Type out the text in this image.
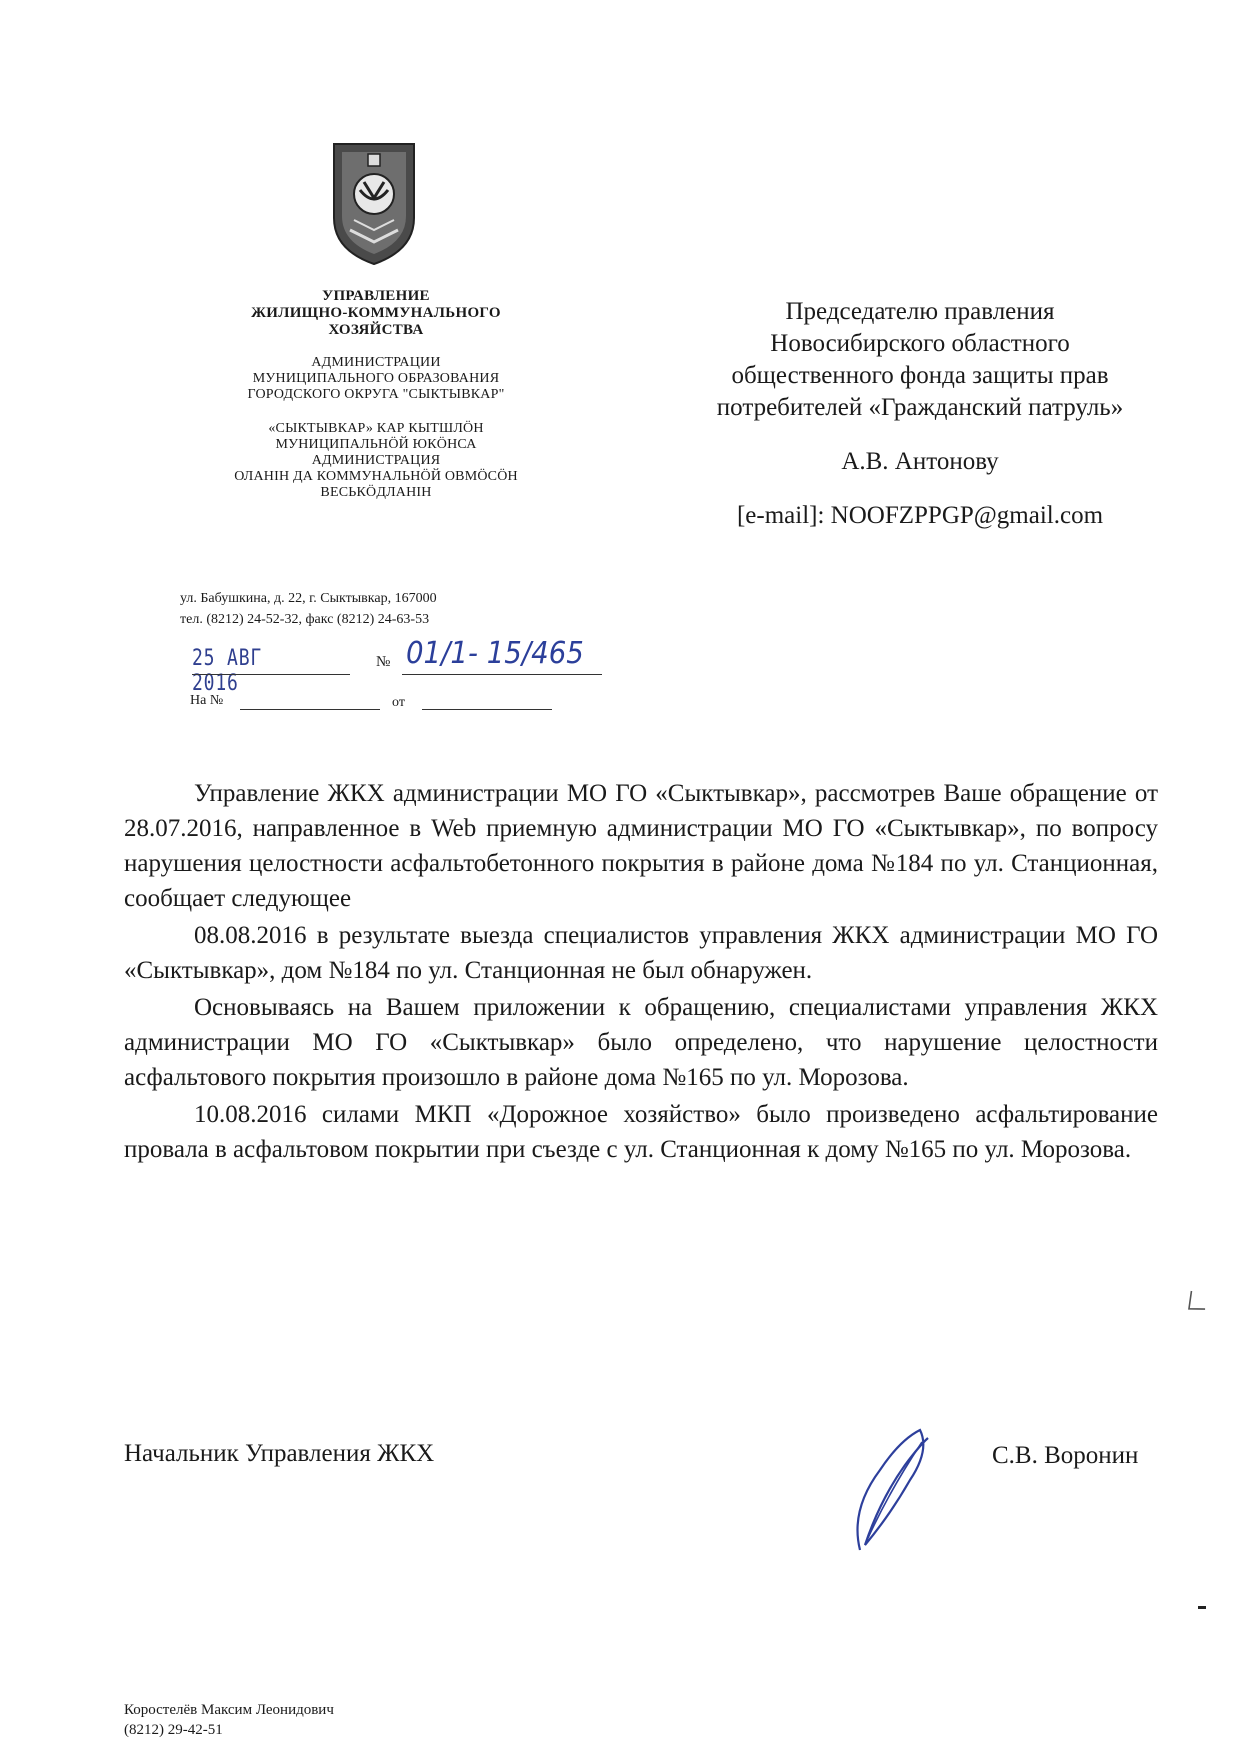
УПРАВЛЕНИЕ
ЖИЛИЩНО-КОММУНАЛЬНОГО
ХОЗЯЙСТВА

АДМИНИСТРАЦИИ
МУНИЦИПАЛЬНОГО ОБРАЗОВАНИЯ
ГОРОДСКОГО ОКРУГА "СЫКТЫВКАР"

«СЫКТЫВКАР» КАР КЫТШЛÖН
МУНИЦИПАЛЬНÖЙ ЮКÖНСА
АДМИНИСТРАЦИЯ
ОЛАНІН ДА КОММУНАЛЬНÖЙ ОВМÖСÖН
ВЕСЬКÖДЛАНІН

ул. Бабушкина, д. 22, г. Сыктывкар, 167000
тел. (8212) 24-52-32, факс (8212) 24-63-53
25 АВГ 2016
№ 01/1- 15/465
На №	от

Председателю правления
Новосибирского областного
общественного фонда защиты прав
потребителей «Гражданский патруль»

А.В. Антонову

[e-mail]: NOOFZPPGP@gmail.com

Управление ЖКХ администрации МО ГО «Сыктывкар», рассмотрев Ваше обращение от 28.07.2016, направленное в Web приемную администрации МО ГО «Сыктывкар», по вопросу нарушения целостности асфальтобетонного покрытия в районе дома №184 по ул. Станционная, сообщает следующее

08.08.2016 в результате выезда специалистов управления ЖКХ администрации МО ГО «Сыктывкар», дом №184 по ул. Станционная не был обнаружен.

Основываясь на Вашем приложении к обращению, специалистами управления ЖКХ администрации МО ГО «Сыктывкар» было определено, что нарушение целостности асфальтового покрытия произошло в районе дома №165 по ул. Морозова.

10.08.2016 силами МКП «Дорожное хозяйство» было произведено асфальтирование провала в асфальтовом покрытии при съезде с ул. Станционная к дому №165 по ул. Морозова.

Начальник Управления ЖКХ	С.В. Воронин

Коростелёв Максим Леонидович

(8212) 29-42-51
